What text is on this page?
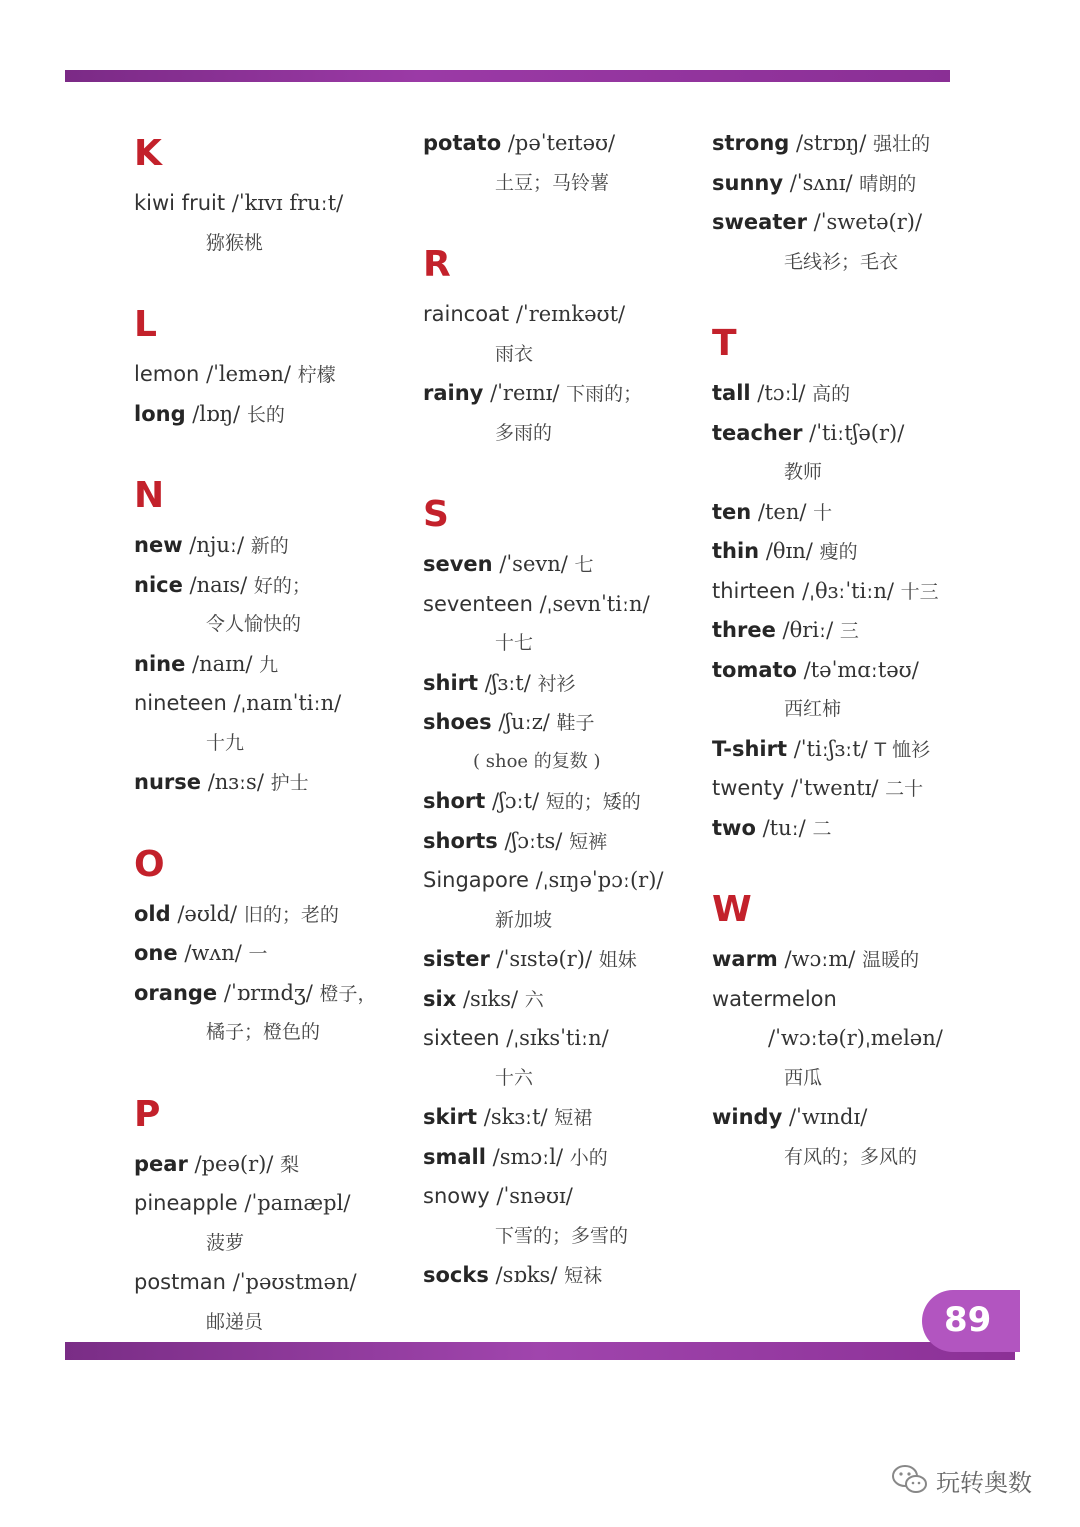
89
K
kiwi fruit /ˈkɪvɪ fruːt/
猕猴桃
L
lemon /ˈlemən/ 柠檬
long /lɒŋ/ 长的
N
new /njuː/ 新的
nice /naɪs/ 好的；
令人愉快的
nine /naɪn/ 九
nineteen /ˌnaɪnˈtiːn/
十九
nurse /nɜːs/ 护士
O
old /əʊld/ 旧的；老的
one /wʌn/ 一
orange /ˈɒrɪndʒ/ 橙子，
橘子；橙色的
P
pear /peə(r)/ 梨
pineapple /ˈpaɪnæpl/
菠萝
postman /ˈpəʊstmən/
邮递员
potato /pəˈteɪtəʊ/
土豆；马铃薯
R
raincoat /ˈreɪnkəʊt/
雨衣
rainy /ˈreɪnɪ/ 下雨的；
多雨的
S
seven /ˈsevn/ 七
seventeen /ˌsevnˈtiːn/
十七
shirt /ʃɜːt/ 衬衫
shoes /ʃuːz/ 鞋子
( shoe 的复数 )
short /ʃɔːt/ 短的；矮的
shorts /ʃɔːts/ 短裤
Singapore /ˌsɪŋəˈpɔː(r)/
新加坡
sister /ˈsɪstə(r)/ 姐妹
six /sɪks/ 六
sixteen /ˌsɪksˈtiːn/
十六
skirt /skɜːt/ 短裙
small /smɔːl/ 小的
snowy /ˈsnəʊɪ/
下雪的；多雪的
socks /sɒks/ 短袜
strong /strɒŋ/ 强壮的
sunny /ˈsʌnɪ/ 晴朗的
sweater /ˈswetə(r)/
毛线衫；毛衣
T
tall /tɔːl/ 高的
teacher /ˈtiːtʃə(r)/
教师
ten /ten/ 十
thin /θɪn/ 瘦的
thirteen /ˌθɜːˈtiːn/ 十三
three /θriː/ 三
tomato /təˈmɑːtəʊ/
西红柿
T-shirt /ˈtiːʃɜːt/ T 恤衫
twenty /ˈtwentɪ/ 二十
two /tuː/ 二
W
warm /wɔːm/ 温暖的
watermelon
/ˈwɔːtə(r)ˌmelən/
西瓜
windy /ˈwɪndɪ/
有风的；多风的
玩转奥数
